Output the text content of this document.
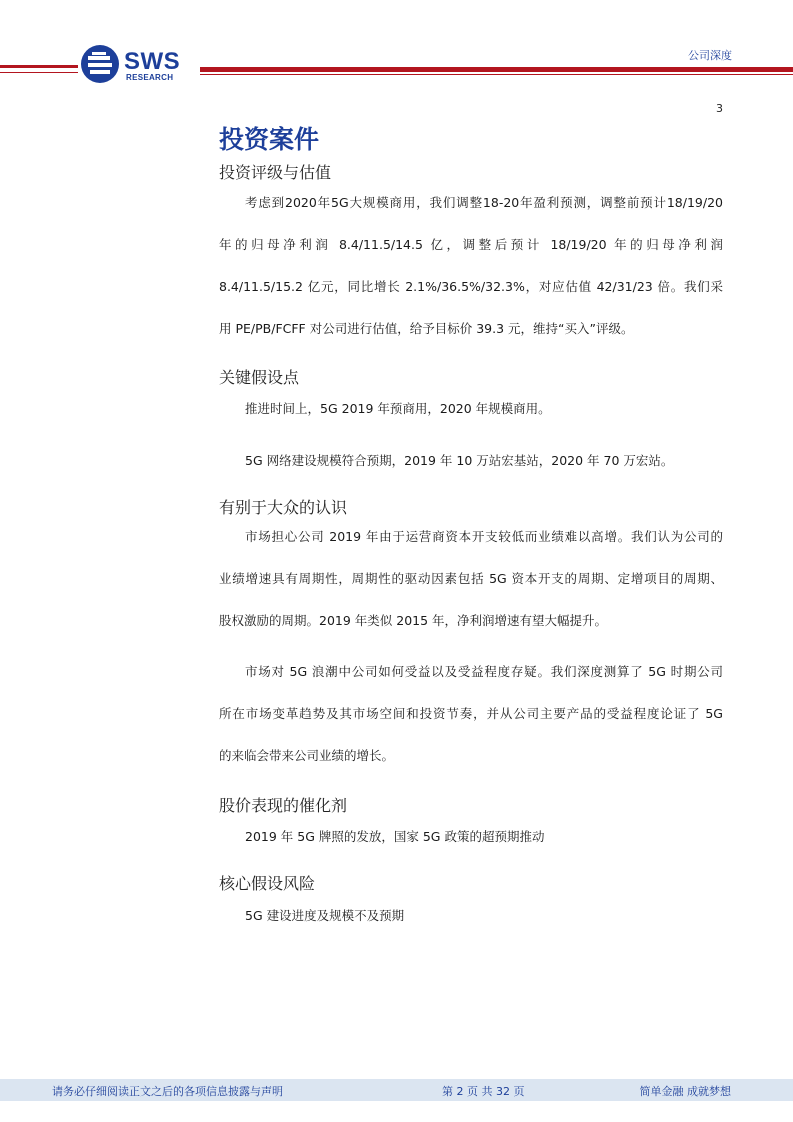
SWS
RESEARCH
公司深度
3
投资案件
投资评级与估值
考虑到2020年5G大规模商用，我们调整18-20年盈利预测，调整前预计18/19/20
年的归母净利润 8.4/11.5/14.5 亿，调整后预计 18/19/20 年的归母净利润
8.4/11.5/15.2 亿元，同比增长 2.1%/36.5%/32.3%，对应估值 42/31/23 倍。我们采
用 PE/PB/FCFF 对公司进行估值，给予目标价 39.3 元，维持“买入”评级。
关键假设点
推进时间上，5G 2019 年预商用，2020 年规模商用。
5G 网络建设规模符合预期，2019 年 10 万站宏基站，2020 年 70 万宏站。
有别于大众的认识
市场担心公司 2019 年由于运营商资本开支较低而业绩难以高增。我们认为公司的
业绩增速具有周期性，周期性的驱动因素包括 5G 资本开支的周期、定增项目的周期、
股权激励的周期。2019 年类似 2015 年，净利润增速有望大幅提升。
市场对 5G 浪潮中公司如何受益以及受益程度存疑。我们深度测算了 5G 时期公司
所在市场变革趋势及其市场空间和投资节奏，并从公司主要产品的受益程度论证了 5G
的来临会带来公司业绩的增长。
股价表现的催化剂
2019 年 5G 牌照的发放，国家 5G 政策的超预期推动
核心假设风险
5G 建设进度及规模不及预期
请务必仔细阅读正文之后的各项信息披露与声明	第 2 页 共 32 页	简单金融 成就梦想
